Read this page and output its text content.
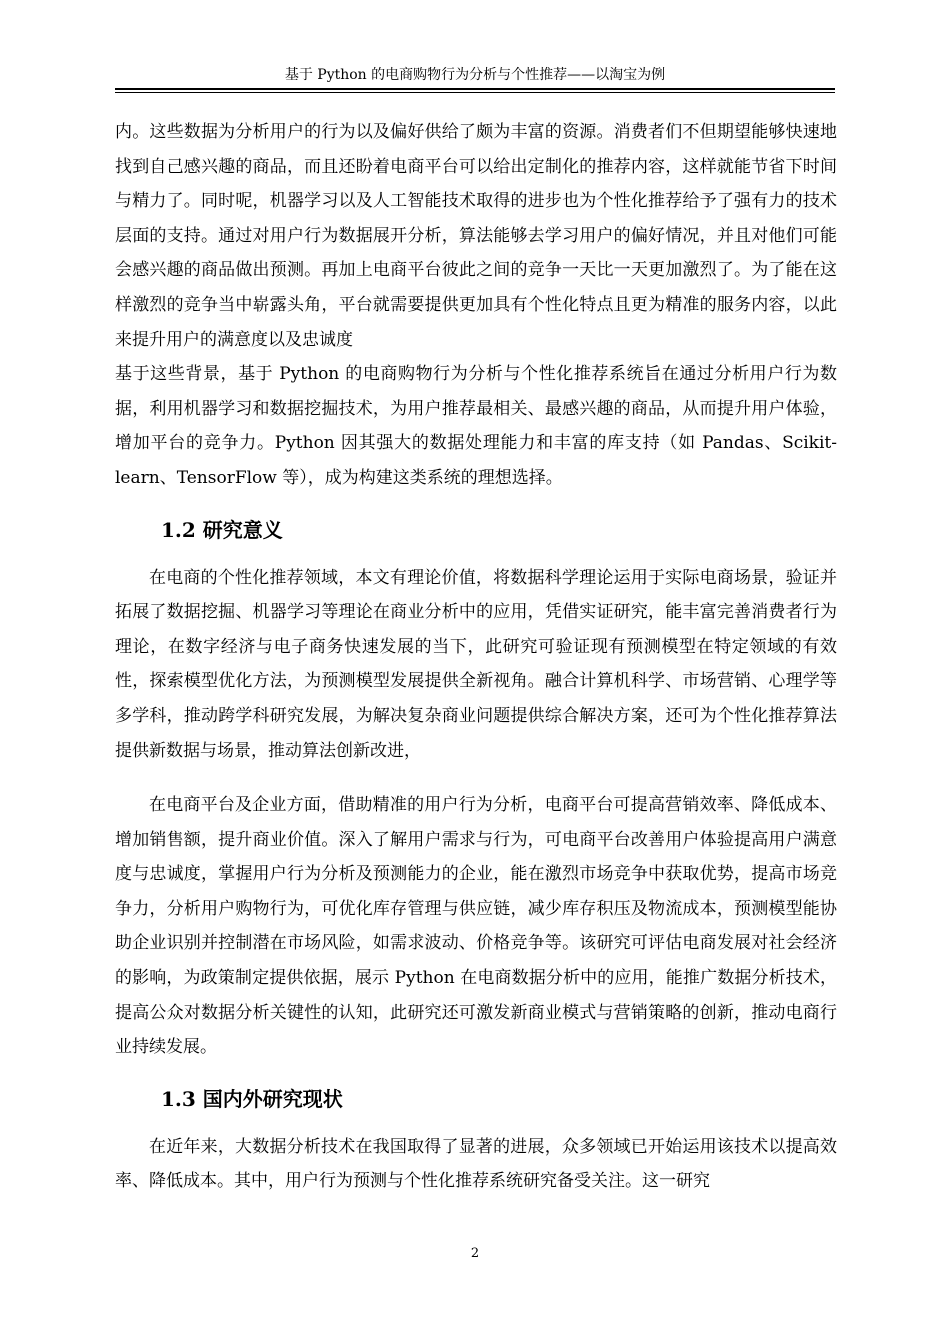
基于 Python 的电商购物行为分析与个性推荐——以淘宝为例

内。这些数据为分析用户的行为以及偏好供给了颇为丰富的资源。消费者们不但期望能够快速地找到自己感兴趣的商品，而且还盼着电商平台可以给出定制化的推荐内容，这样就能节省下时间与精力了。同时呢，机器学习以及人工智能技术取得的进步也为个性化推荐给予了强有力的技术层面的支持。通过对用户行为数据展开分析，算法能够去学习用户的偏好情况，并且对他们可能会感兴趣的商品做出预测。再加上电商平台彼此之间的竞争一天比一天更加激烈了。为了能在这样激烈的竞争当中崭露头角，平台就需要提供更加具有个性化特点且更为精准的服务内容，以此来提升用户的满意度以及忠诚度

基于这些背景，基于 Python 的电商购物行为分析与个性化推荐系统旨在通过分析用户行为数据，利用机器学习和数据挖掘技术，为用户推荐最相关、最感兴趣的商品，从而提升用户体验，增加平台的竞争力。Python 因其强大的数据处理能力和丰富的库支持（如 Pandas、Scikit-learn、TensorFlow 等），成为构建这类系统的理想选择。

1.2 研究意义

在电商的个性化推荐领域，本文有理论价值，将数据科学理论运用于实际电商场景，验证并拓展了数据挖掘、机器学习等理论在商业分析中的应用，凭借实证研究，能丰富完善消费者行为理论，在数字经济与电子商务快速发展的当下，此研究可验证现有预测模型在特定领域的有效性，探索模型优化方法，为预测模型发展提供全新视角。融合计算机科学、市场营销、心理学等多学科，推动跨学科研究发展，为解决复杂商业问题提供综合解决方案，还可为个性化推荐算法提供新数据与场景，推动算法创新改进，

在电商平台及企业方面，借助精准的用户行为分析，电商平台可提高营销效率、降低成本、增加销售额，提升商业价值。深入了解用户需求与行为，可电商平台改善用户体验提高用户满意度与忠诚度，掌握用户行为分析及预测能力的企业，能在激烈市场竞争中获取优势，提高市场竞争力，分析用户购物行为，可优化库存管理与供应链，减少库存积压及物流成本，预测模型能协助企业识别并控制潜在市场风险，如需求波动、价格竞争等。该研究可评估电商发展对社会经济的影响，为政策制定提供依据，展示 Python 在电商数据分析中的应用，能推广数据分析技术，提高公众对数据分析关键性的认知，此研究还可激发新商业模式与营销策略的创新，推动电商行业持续发展。

1.3 国内外研究现状

在近年来，大数据分析技术在我国取得了显著的进展，众多领域已开始运用该技术以提高效率、降低成本。其中，用户行为预测与个性化推荐系统研究备受关注。这一研究

2
